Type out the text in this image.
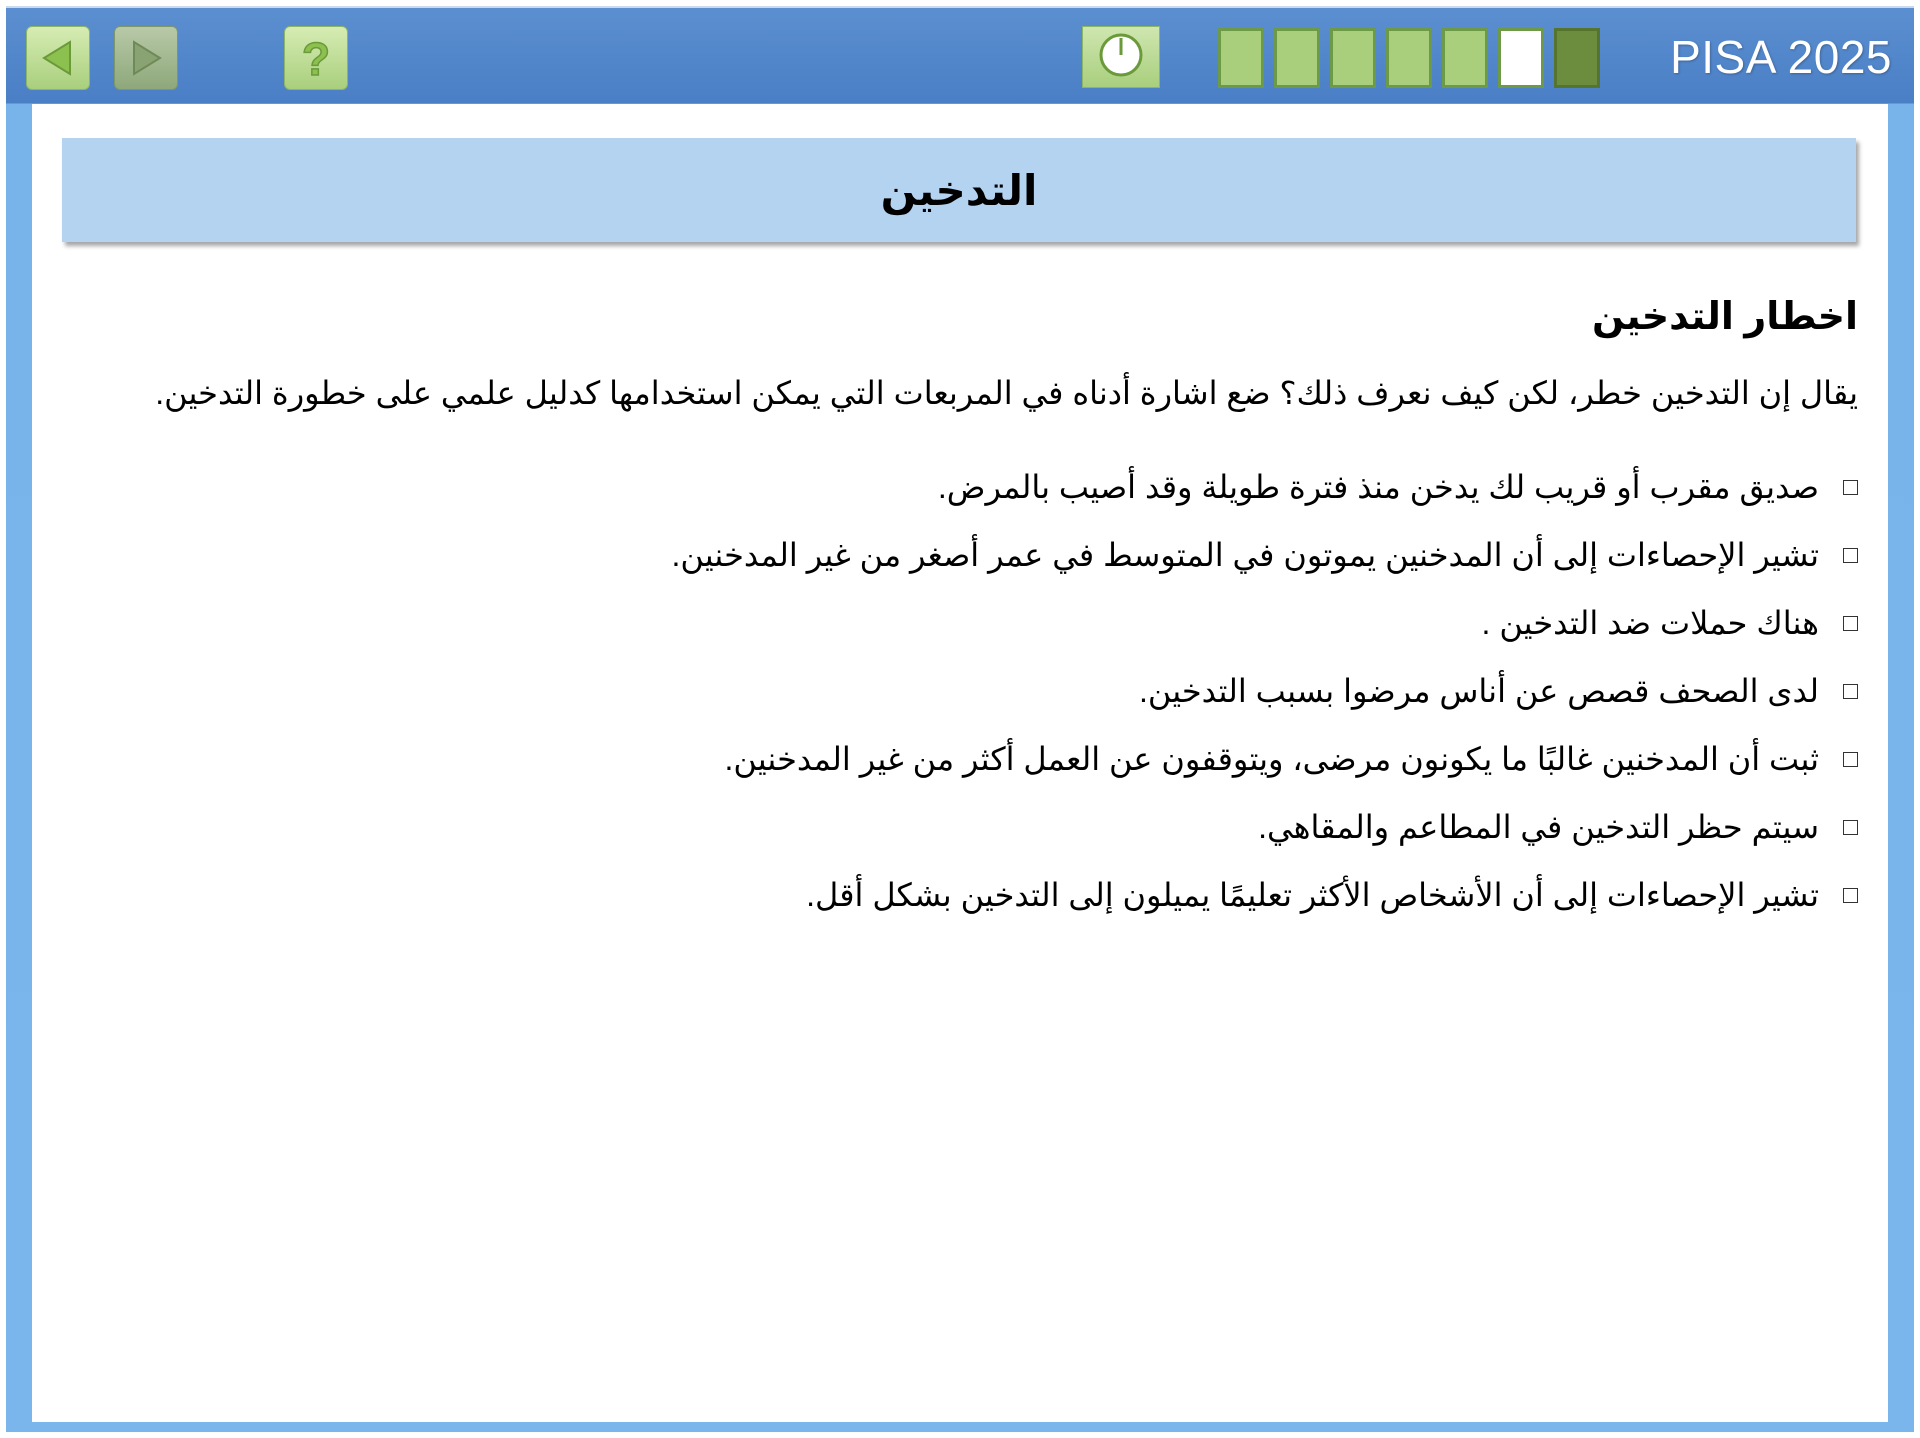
?	PISA 2025
التدخين
اخطار التدخين
يقال إن التدخين خطر، لكن كيف نعرف ذلك؟ ضع اشارة أدناه في المربعات التي يمكن استخدامها كدليل علمي على خطورة التدخين.
صديق مقرب أو قريب لك يدخن منذ فترة طويلة وقد أصيب بالمرض.
تشير الإحصاءات إلى أن المدخنين يموتون في المتوسط في عمر أصغر من غير المدخنين.
هناك حملات ضد التدخين .
لدى الصحف قصص عن أناس مرضوا بسبب التدخين.
ثبت أن المدخنين غالبًا ما يكونون مرضى، ويتوقفون عن العمل أكثر من غير المدخنين.
سيتم حظر التدخين في المطاعم والمقاهي.
تشير الإحصاءات إلى أن الأشخاص الأكثر تعليمًا يميلون إلى التدخين بشكل أقل.
